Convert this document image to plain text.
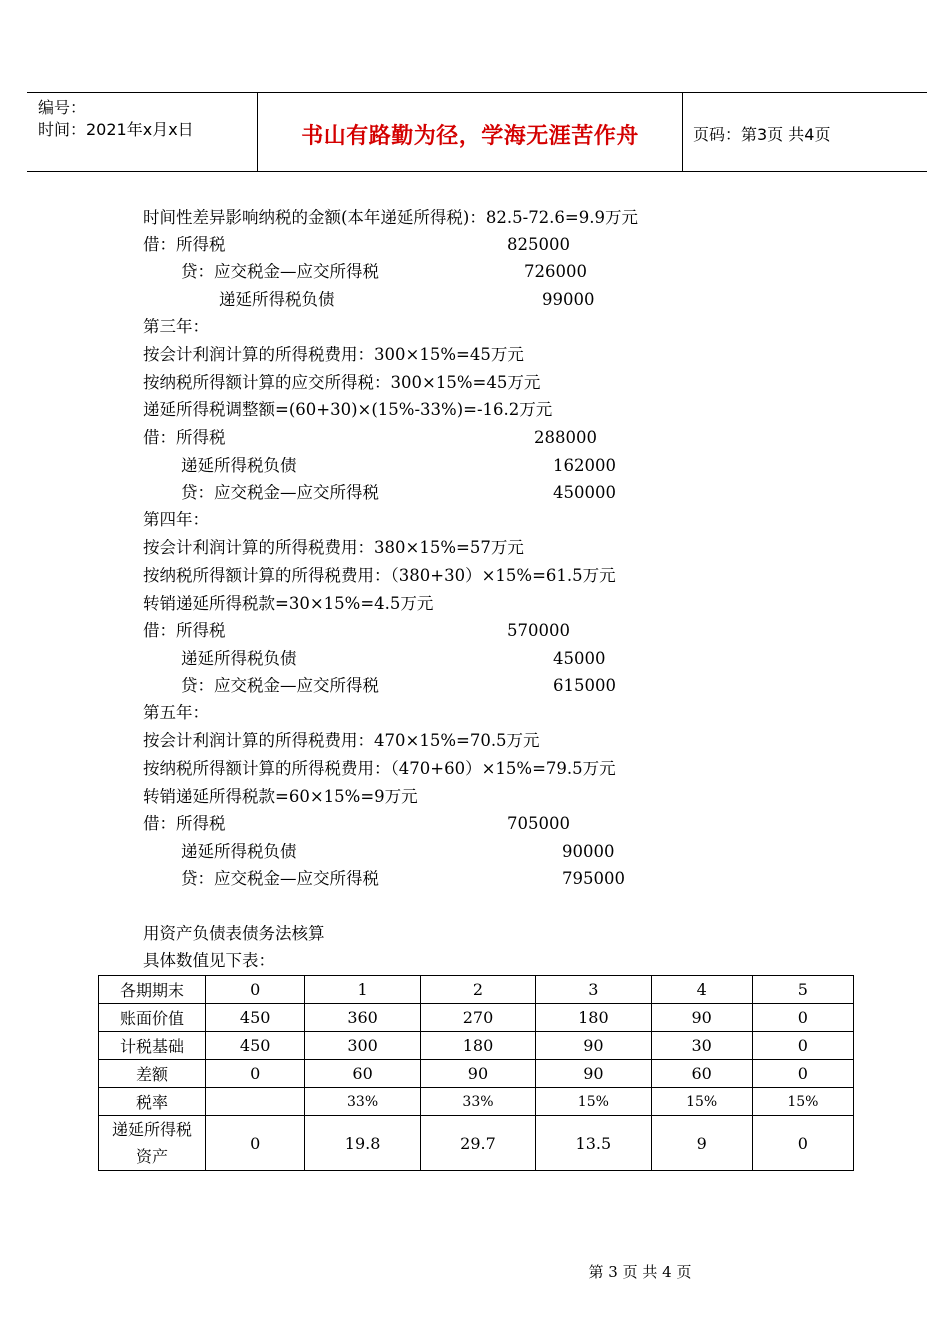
编号：
时间：2021年x月x日	书山有路勤为径，学海无涯苦作舟	页码：第3页 共4页
时间性差异影响纳税的金额(本年递延所得税)：82.5-72.6=9.9万元
借：所得税	825000
贷：应交税金—应交所得税	726000
递延所得税负债	99000
第三年：
按会计利润计算的所得税费用：300×15%=45万元
按纳税所得额计算的应交所得税：300×15%=45万元
递延所得税调整额=(60+30)×(15%-33%)=-16.2万元
借：所得税	288000
递延所得税负债	162000
贷：应交税金—应交所得税	450000
第四年：
按会计利润计算的所得税费用：380×15%=57万元
按纳税所得额计算的所得税费用：（380+30）×15%=61.5万元
转销递延所得税款=30×15%=4.5万元
借：所得税	570000
递延所得税负债	45000
贷：应交税金—应交所得税	615000
第五年：
按会计利润计算的所得税费用：470×15%=70.5万元
按纳税所得额计算的所得税费用：（470+60）×15%=79.5万元
转销递延所得税款=60×15%=9万元
借：所得税	705000
递延所得税负债	90000
贷：应交税金—应交所得税	795000
用资产负债表债务法核算
具体数值见下表：
各期期末	0	1	2	3	4	5
账面价值	450	360	270	180	90	0
计税基础	450	300	180	90	30	0
差额	0	60	90	90	60	0
税率		33%	33%	15%	15%	15%

递延所得税资产	0	19.8	29.7	13.5	9	0
第 3 页 共 4 页
